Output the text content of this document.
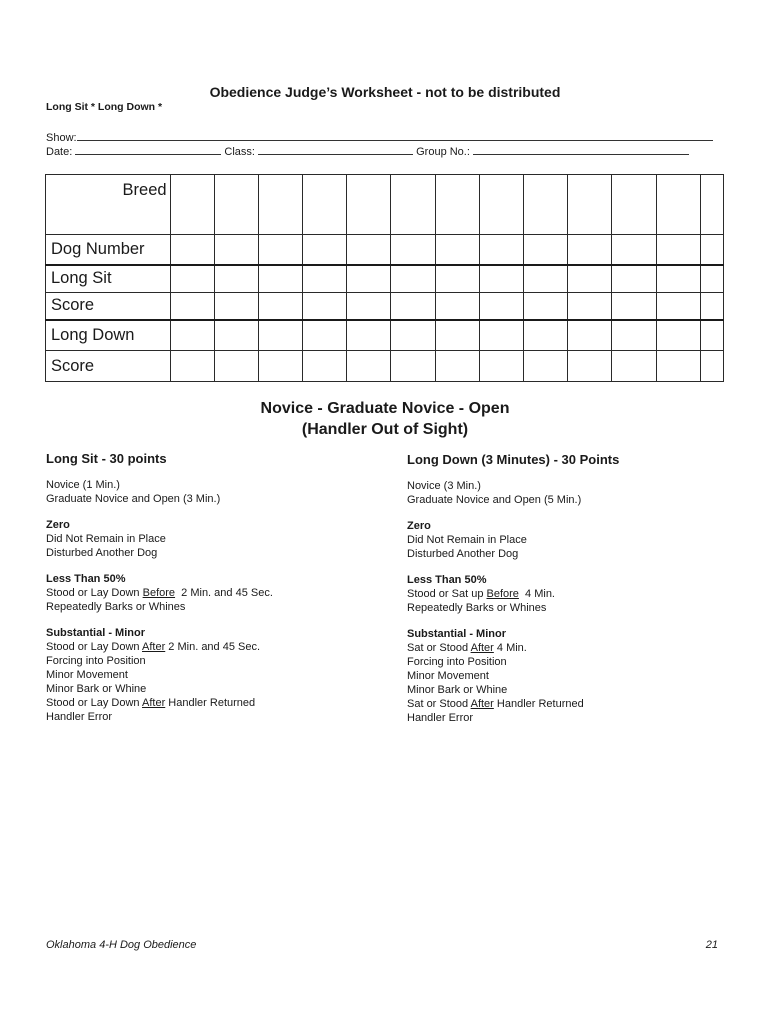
Obedience Judge’s Worksheet - not to be distributed
Long Sit * Long Down *
Show:
Date:	Class:	Group No.:
Breed													
Dog Number													
Long Sit													
Score													
Long Down													
Score													
Novice - Graduate Novice - Open
(Handler Out of Sight)
Long Sit - 30 points
Novice (1 Min.)
Graduate Novice and Open (3 Min.)
Zero
Did Not Remain in Place
Disturbed Another Dog
Less Than 50%
Stood or Lay Down Before  2 Min. and 45 Sec.
Repeatedly Barks or Whines
Substantial - Minor
Stood or Lay Down After 2 Min. and 45 Sec.
Forcing into Position
Minor Movement
Minor Bark or Whine
Stood or Lay Down After Handler Returned
Handler Error
Long Down (3 Minutes) - 30 Points
Novice (3 Min.)
Graduate Novice and Open (5 Min.)
Zero
Did Not Remain in Place
Disturbed Another Dog
Less Than 50%
Stood or Sat up Before  4 Min.
Repeatedly Barks or Whines
Substantial - Minor
Sat or Stood After 4 Min.
Forcing into Position
Minor Movement
Minor Bark or Whine
Sat or Stood After Handler Returned
Handler Error
Oklahoma 4-H Dog Obedience	21
